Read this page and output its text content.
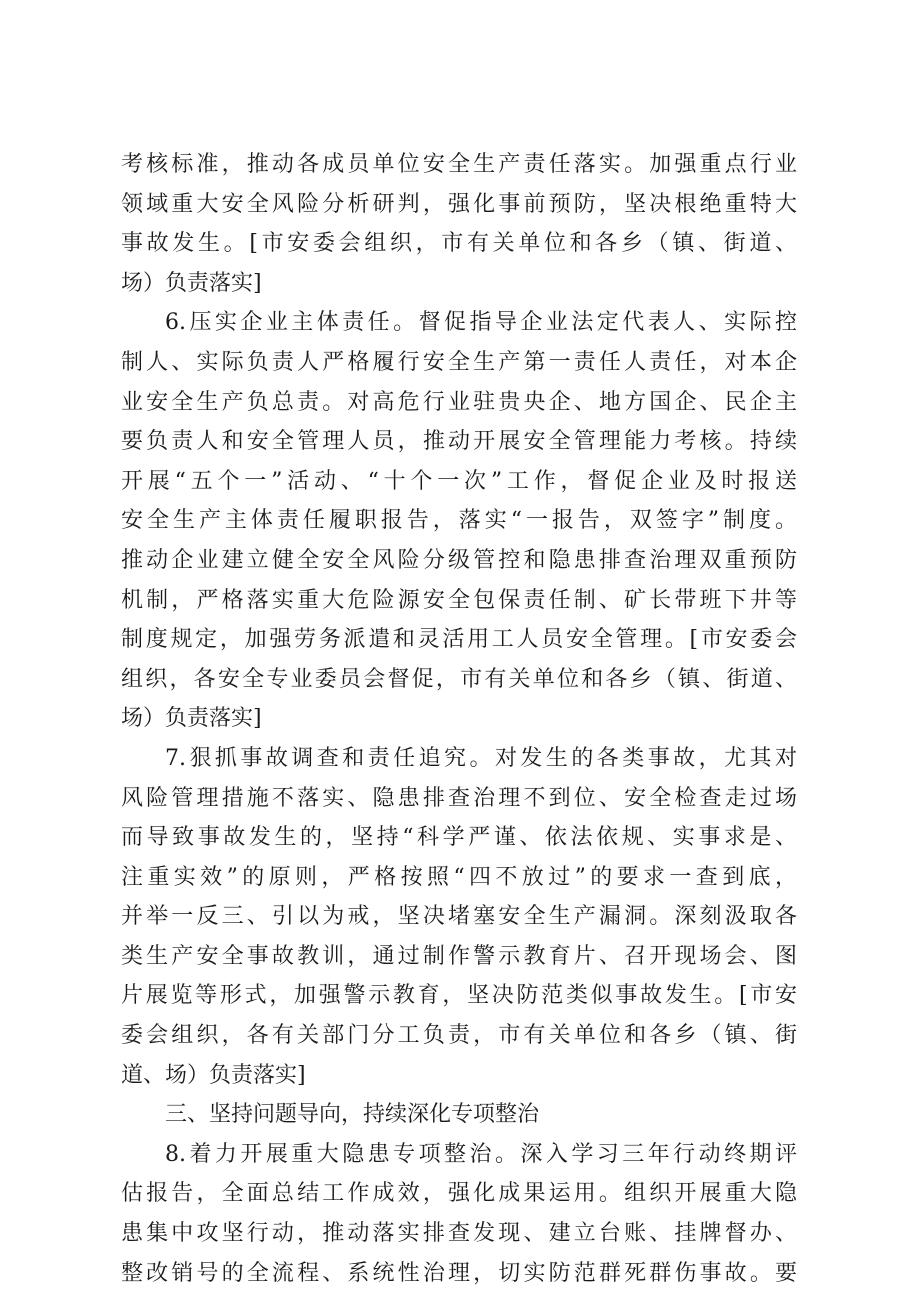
考核标准，推动各成员单位安全生产责任落实。加强重点行业
领域重大安全风险分析研判，强化事前预防，坚决根绝重特大
事故发生。[市安委会组织，市有关单位和各乡（镇、街道、
场）负责落实]
6.压实企业主体责任。督促指导企业法定代表人、实际控
制人、实际负责人严格履行安全生产第一责任人责任，对本企
业安全生产负总责。对高危行业驻贵央企、地方国企、民企主
要负责人和安全管理人员，推动开展安全管理能力考核。持续
开展“五个一”活动、“十个一次”工作，督促企业及时报送
安全生产主体责任履职报告，落实“一报告，双签字”制度。
推动企业建立健全安全风险分级管控和隐患排查治理双重预防
机制，严格落实重大危险源安全包保责任制、矿长带班下井等
制度规定，加强劳务派遣和灵活用工人员安全管理。[市安委会
组织，各安全专业委员会督促，市有关单位和各乡（镇、街道、
场）负责落实]
7.狠抓事故调查和责任追究。对发生的各类事故，尤其对
风险管理措施不落实、隐患排查治理不到位、安全检查走过场
而导致事故发生的，坚持“科学严谨、依法依规、实事求是、
注重实效”的原则，严格按照“四不放过”的要求一查到底，
并举一反三、引以为戒，坚决堵塞安全生产漏洞。深刻汲取各
类生产安全事故教训，通过制作警示教育片、召开现场会、图
片展览等形式，加强警示教育，坚决防范类似事故发生。[市安
委会组织，各有关部门分工负责，市有关单位和各乡（镇、街
道、场）负责落实]
三、坚持问题导向，持续深化专项整治
8.着力开展重大隐患专项整治。深入学习三年行动终期评
估报告，全面总结工作成效，强化成果运用。组织开展重大隐
患集中攻坚行动，推动落实排查发现、建立台账、挂牌督办、
整改销号的全流程、系统性治理，切实防范群死群伤事故。要
